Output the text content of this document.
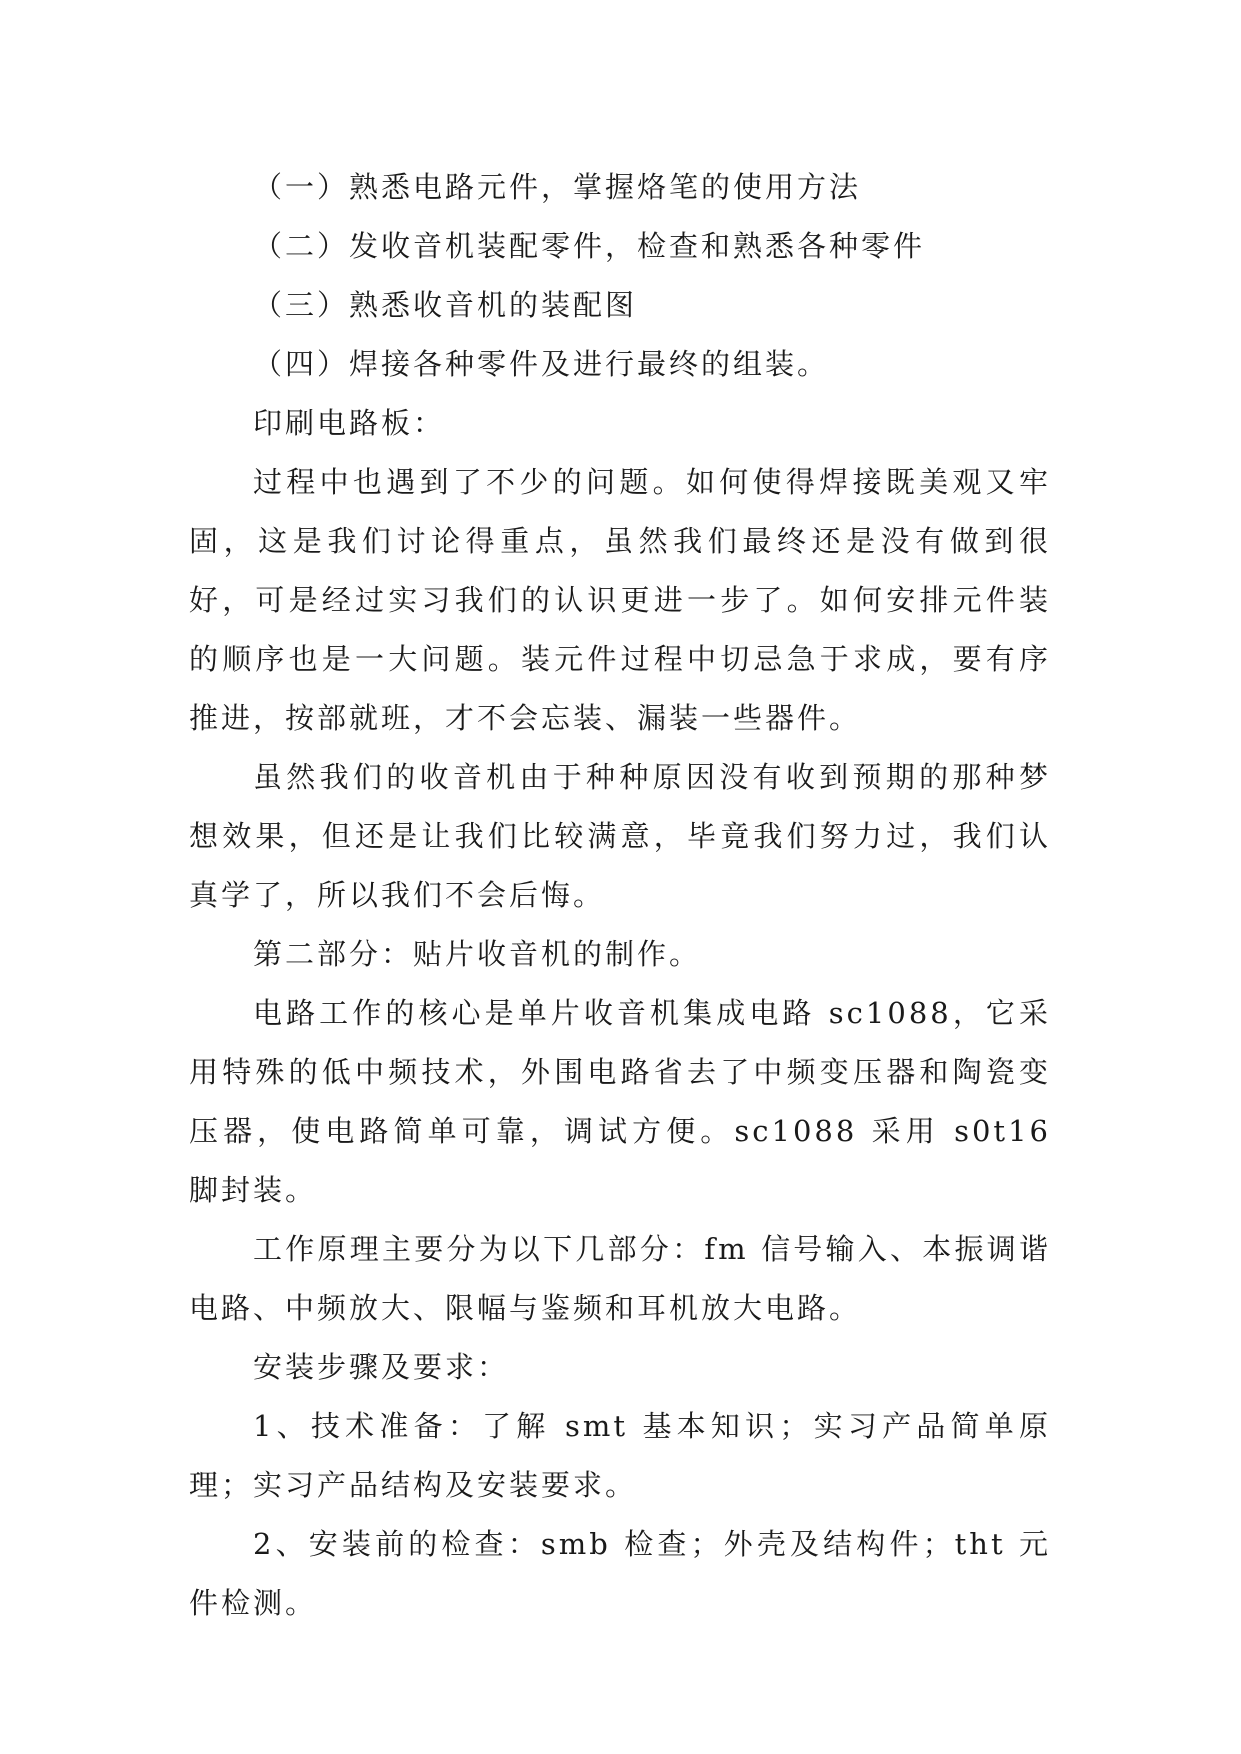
（一）熟悉电路元件，掌握烙笔的使用方法

（二）发收音机装配零件，检查和熟悉各种零件

（三）熟悉收音机的装配图

（四）焊接各种零件及进行最终的组装。

印刷电路板：

过程中也遇到了不少的问题。如何使得焊接既美观又牢固，这是我们讨论得重点，虽然我们最终还是没有做到很好，可是经过实习我们的认识更进一步了。如何安排元件装的顺序也是一大问题。装元件过程中切忌急于求成，要有序推进，按部就班，才不会忘装、漏装一些器件。

虽然我们的收音机由于种种原因没有收到预期的那种梦想效果，但还是让我们比较满意，毕竟我们努力过，我们认真学了，所以我们不会后悔。

第二部分：贴片收音机的制作。

电路工作的核心是单片收音机集成电路 sc1088，它采用特殊的低中频技术，外围电路省去了中频变压器和陶瓷变压器，使电路简单可靠，调试方便。sc1088 采用 s0t16 脚封装。

工作原理主要分为以下几部分：fm 信号输入、本振调谐电路、中频放大、限幅与鉴频和耳机放大电路。

安装步骤及要求：

1、技术准备：了解 smt 基本知识；实习产品简单原理；实习产品结构及安装要求。

2、安装前的检查：smb 检查；外壳及结构件；tht 元件检测。
